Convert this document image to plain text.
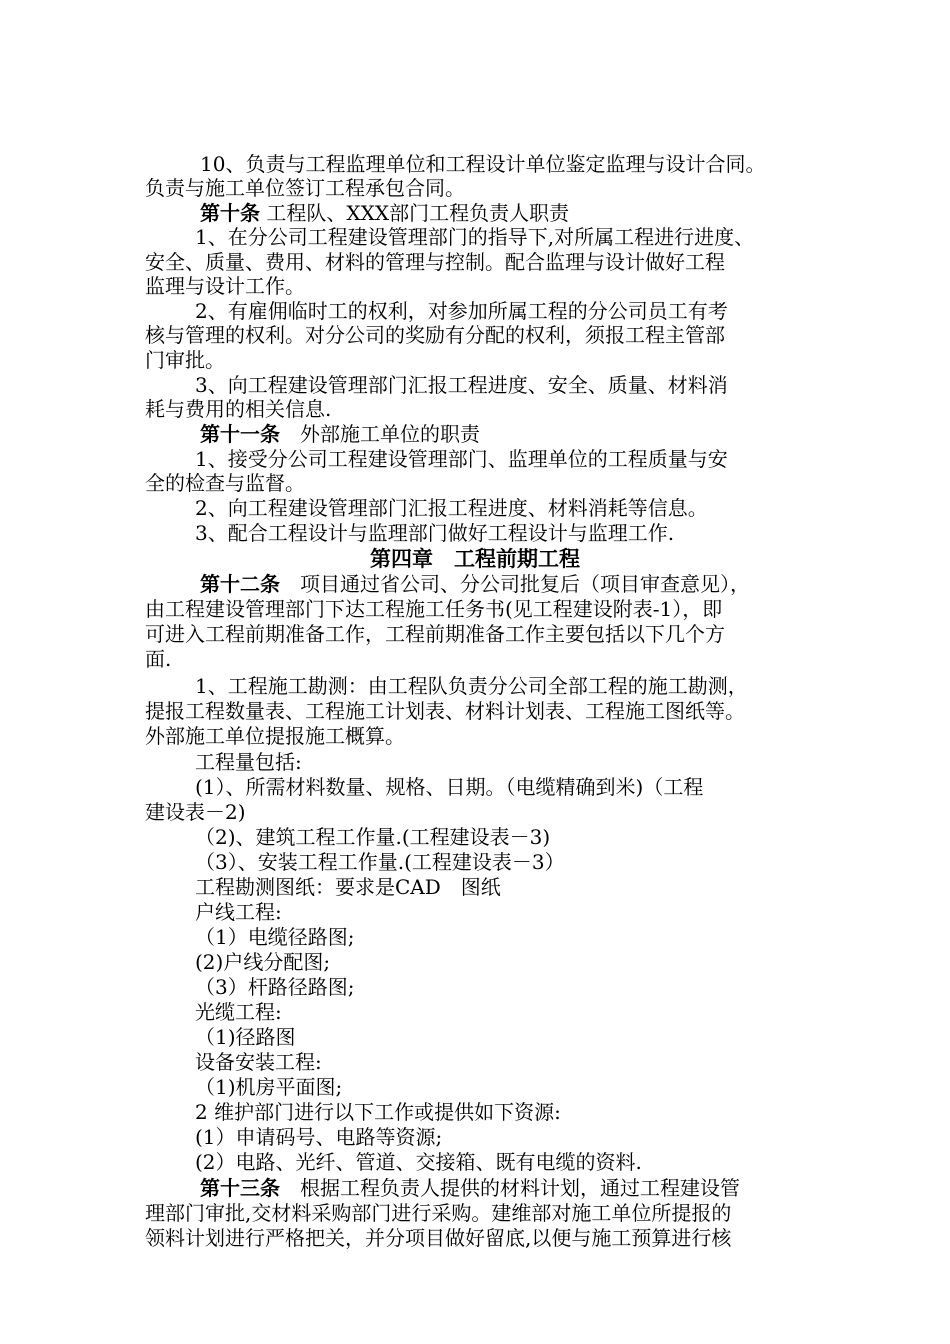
10、负责与工程监理单位和工程设计单位鉴定监理与设计合同。
负责与施工单位签订工程承包合同。
第十条 工程队、XXX部门工程负责人职责
1、在分公司工程建设管理部门的指导下,对所属工程进行进度、
安全、质量、费用、材料的管理与控制。配合监理与设计做好工程
监理与设计工作。
2、有雇佣临时工的权利，对参加所属工程的分公司员工有考
核与管理的权利。对分公司的奖励有分配的权利，须报工程主管部
门审批。
3、向工程建设管理部门汇报工程进度、安全、质量、材料消
耗与费用的相关信息.
第十一条　 外部施工单位的职责
1、接受分公司工程建设管理部门、监理单位的工程质量与安
全的检查与监督。
2、向工程建设管理部门汇报工程进度、材料消耗等信息。
3、配合工程设计与监理部门做好工程设计与监理工作.
第四章　工程前期工程
第十二条　 项目通过省公司、分公司批复后（项目审查意见），
由工程建设管理部门下达工程施工任务书(见工程建设附表-1），即
可进入工程前期准备工作，工程前期准备工作主要包括以下几个方
面.
1、工程施工勘测：由工程队负责分公司全部工程的施工勘测，
提报工程数量表、工程施工计划表、材料计划表、工程施工图纸等。
外部施工单位提报施工概算。
工程量包括:
(1）、所需材料数量、规格、日期。（电缆精确到米)（工程
建设表－2)
（2)、建筑工程工作量.(工程建设表－3)
（3）、安装工程工作量.(工程建设表－3）
工程勘测图纸：要求是CAD　图纸
户线工程:
（1）电缆径路图;
(2)户线分配图;
（3）杆路径路图;
光缆工程:
（1)径路图
设备安装工程:
（1)机房平面图;
2 维护部门进行以下工作或提供如下资源:
(1）申请码号、电路等资源;
(2）电路、光纤、管道、交接箱、既有电缆的资料.
第十三条　 根据工程负责人提供的材料计划，通过工程建设管
理部门审批,交材料采购部门进行采购。建维部对施工单位所提报的
领料计划进行严格把关，并分项目做好留底,以便与施工预算进行核
